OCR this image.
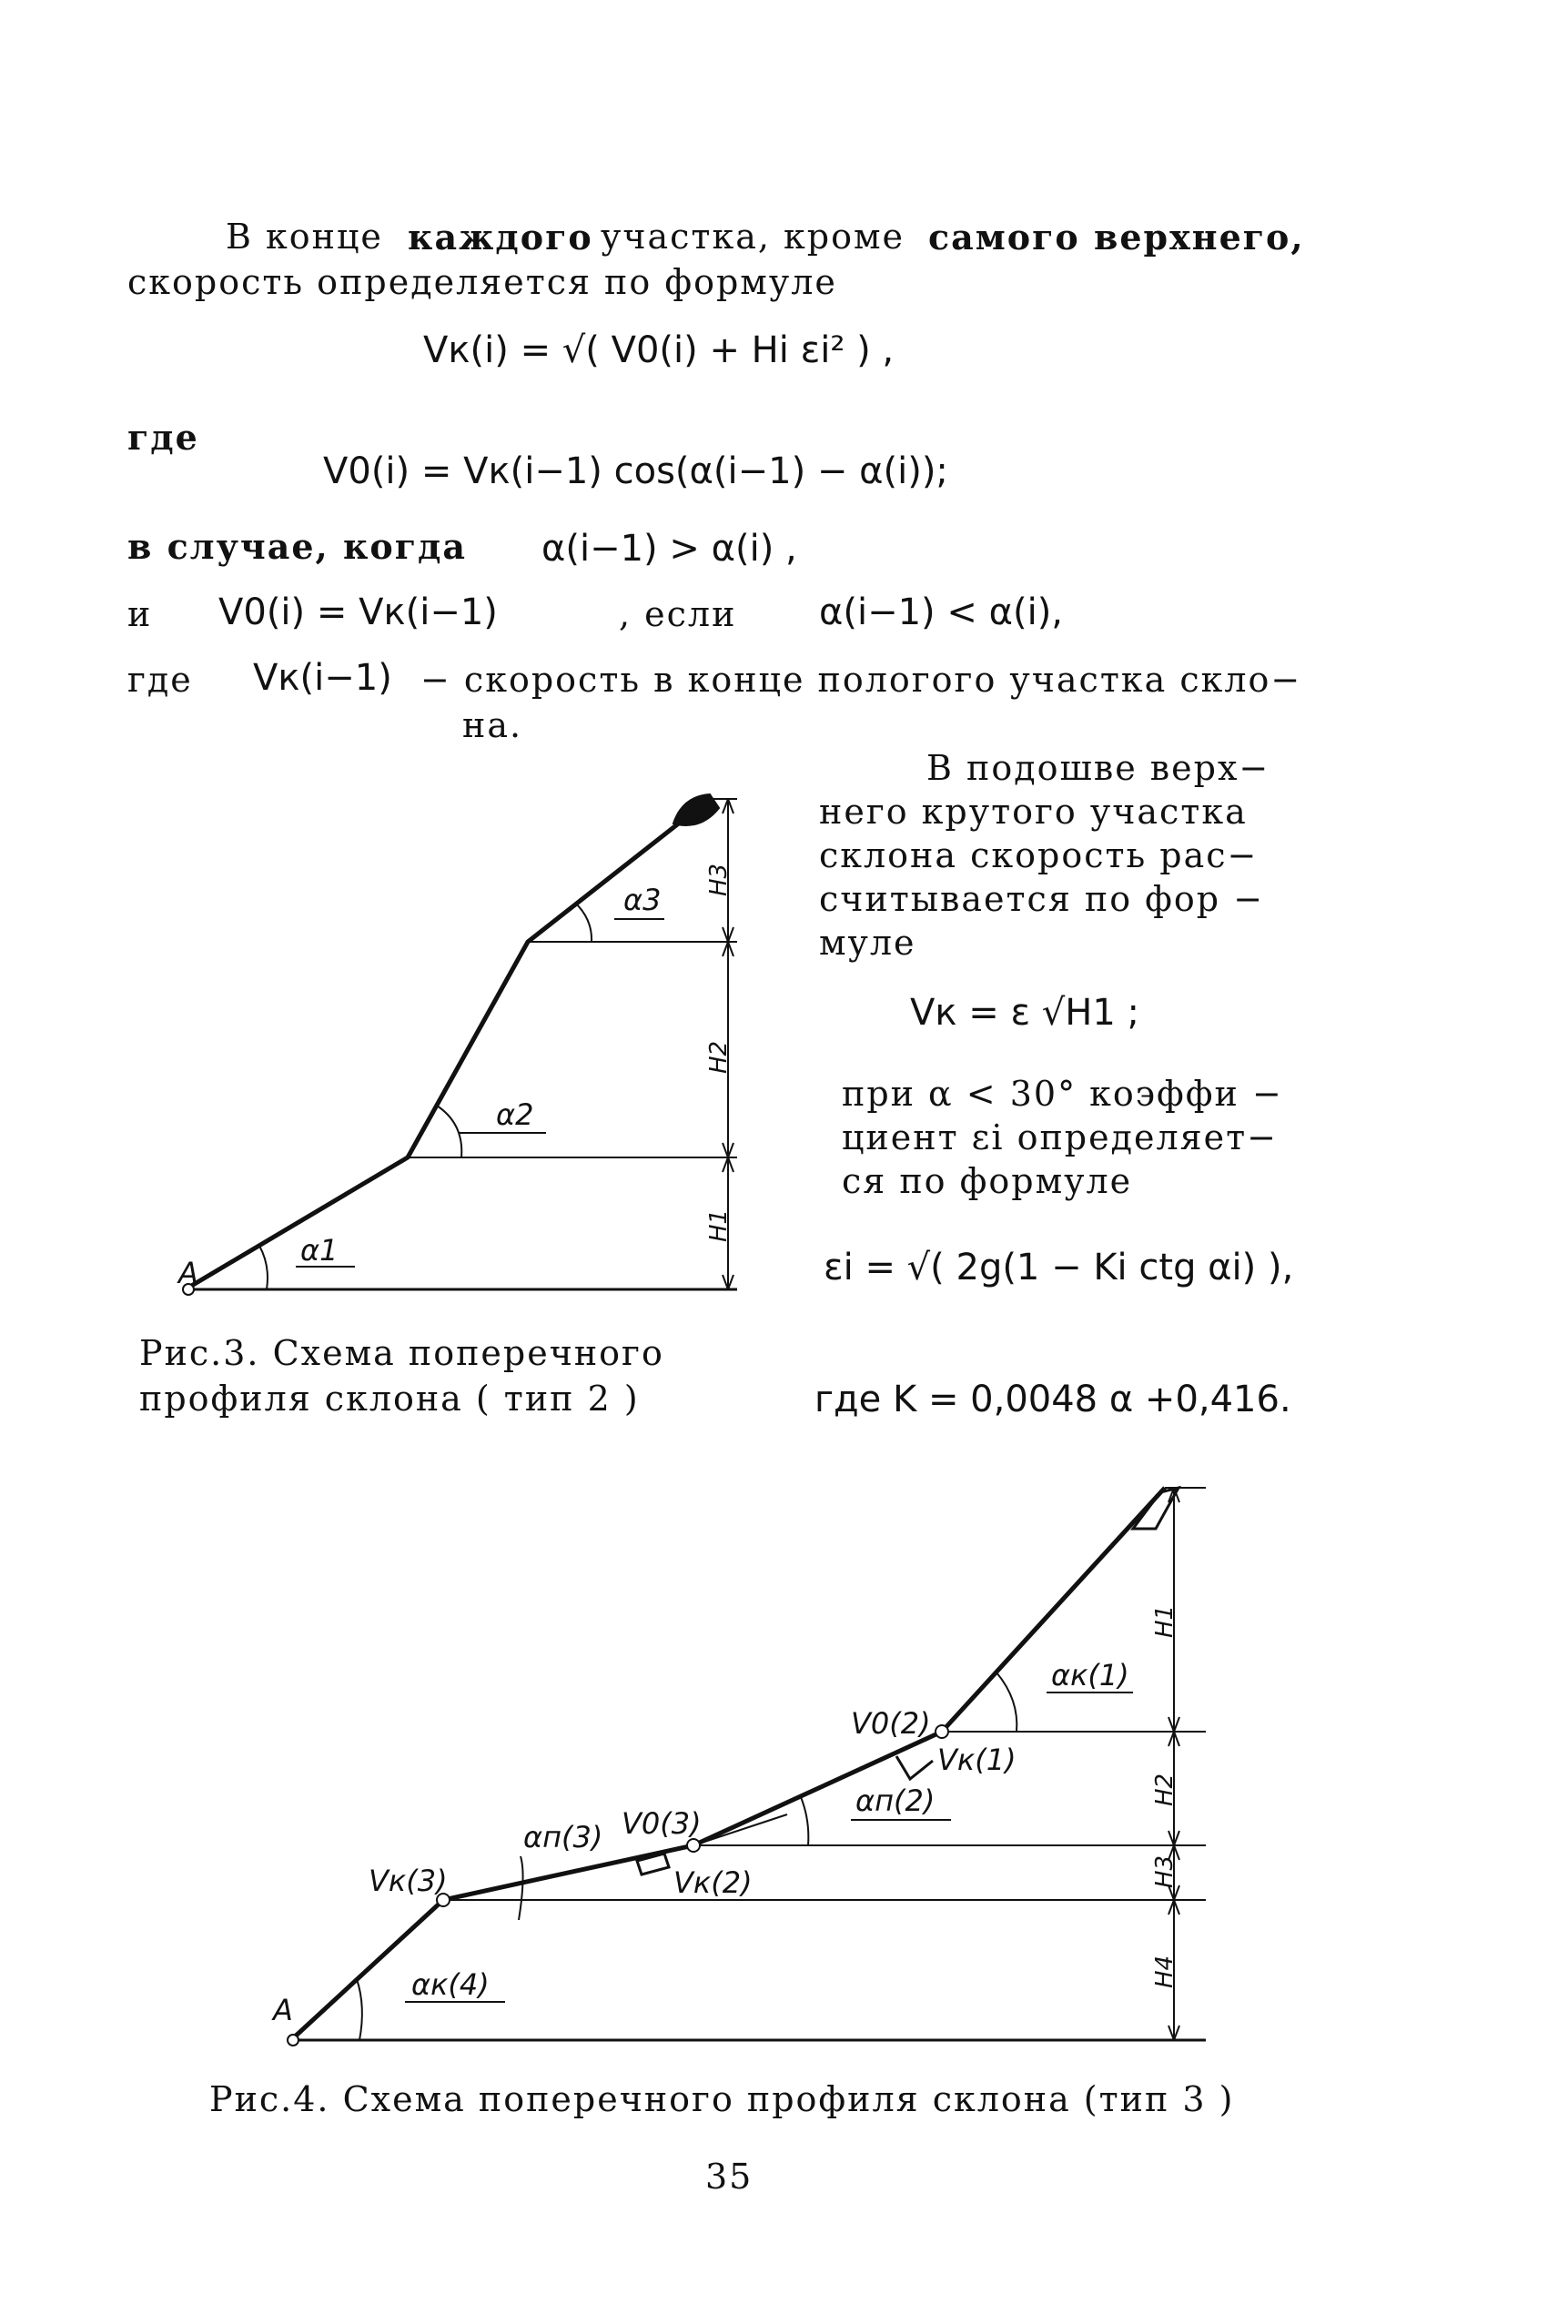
В конце каждого участка, кроме самого верхнего,
скорость определяется по формуле
Vк(i) = √( V0(i) + Hi εi² ) ,
где
V0(i) = Vк(i−1) cos(α(i−1) − α(i));
в случае, когда α(i−1) > α(i) ,
и V0(i) = Vк(i−1)	, если α(i−1) < α(i),
где Vк(i−1) − скорость в конце пологого участка скло−
на.
В подошве верх−
него крутого участка
склона скорость рас−
считывается по фор −
муле
Vк = ε √H1 ;
при α < 30° коэффи −
циент εi определяет−
ся по формуле
εi = √( 2g(1 − Ki ctg αi) ),
где K = 0,0048 α +0,416.
Рис.3. Схема поперечного
профиля склона ( тип 2 )
A
α1
α2
α3
H1
H2
H3
A
αк(4)
Vк(3)
αп(3) V0(3)
Vк(2)
αп(2)
V0(2)
Vк(1)
αк(1)
H1
H2
H3
H4
Рис.4. Схема поперечного профиля склона (тип 3 )
35
